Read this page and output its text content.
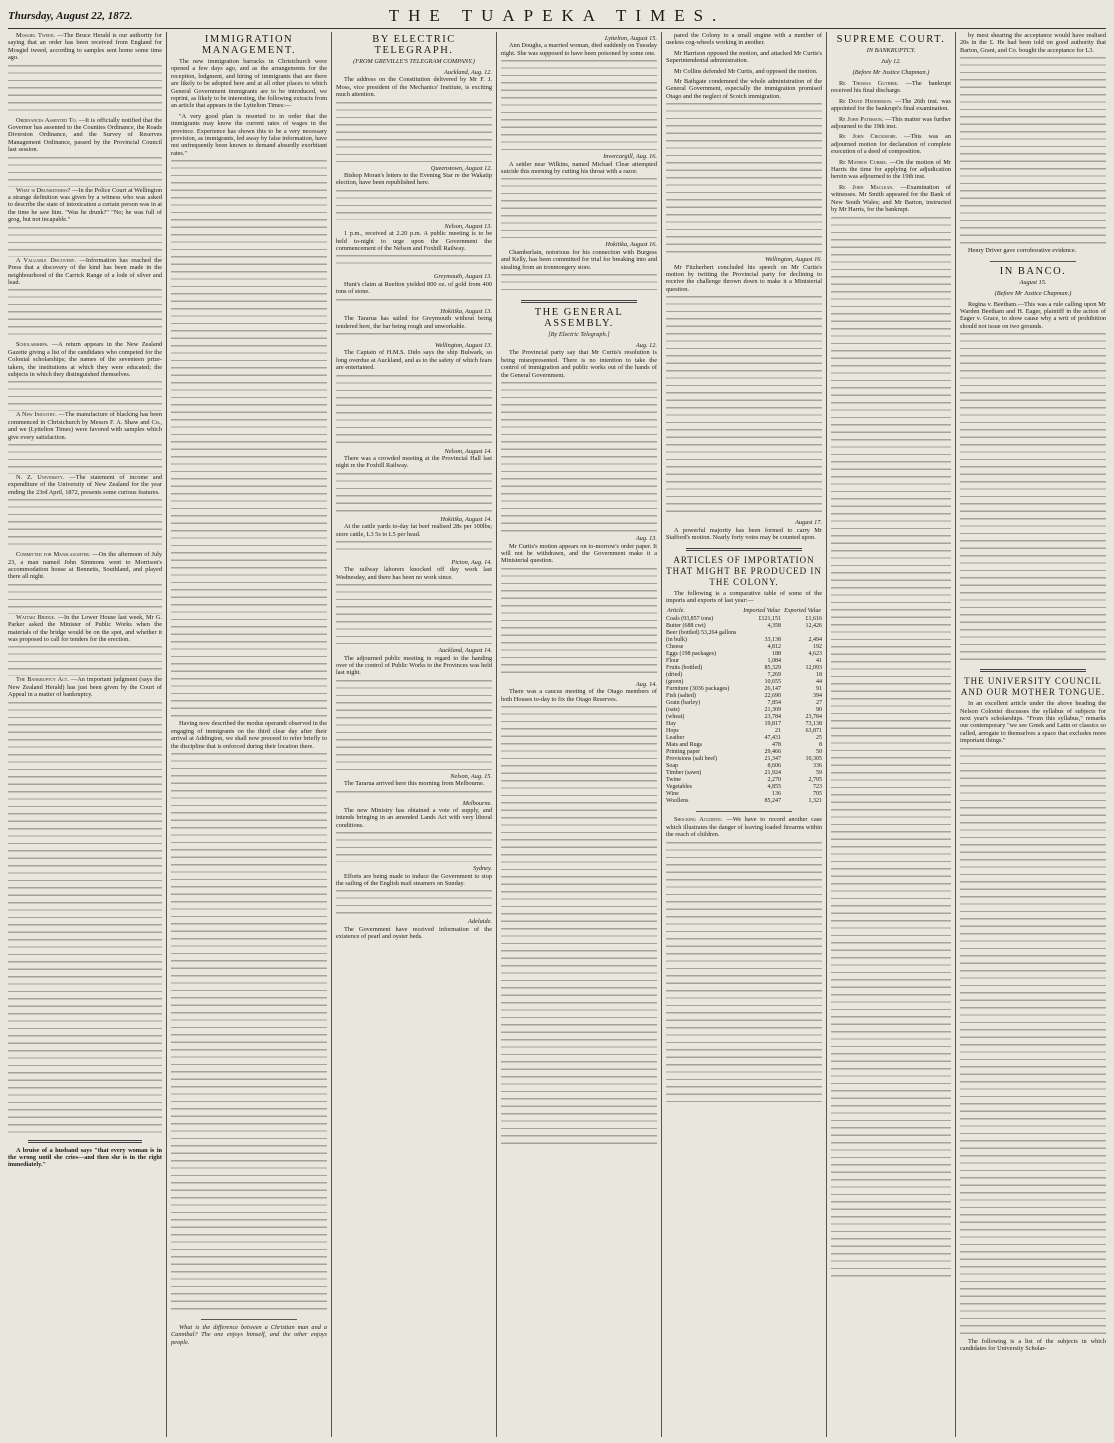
Thursday, August 22, 1872.	THE TUAPEKA TIMES.

Mosgiel Tweed. —The Bruce Herald is our authority for saying that an order has been received from England for Mosgiel tweed, according to samples sent home some time ago.

Ordinances Assented To. —It is officially notified that the Governor has assented to the Counties Ordinance, the Roads Diversion Ordinance, and the Survey of Reserves Management Ordinance, passed by the Provincial Council last session.

What is Drunkenness? —In the Police Court at Wellington a strange definition was given by a witness who was asked to describe the state of intoxication a certain person was in at the time he saw him. "Was he drunk?" "No; he was full of grog, but not incapable."

A Valuable Discovery. —Information has reached the Press that a discovery of the kind has been made in the neighbourhood of the Carrick Range of a lode of silver and lead.

Scholarships. —A return appears in the New Zealand Gazette giving a list of the candidates who competed for the Colonial scholarships; the names of the seventeen prize-takers, the institutions at which they were educated; the subjects in which they distinguished themselves.

A New Industry. —The manufacture of blacking has been commenced in Christchurch by Messrs F. A. Shaw and Co., and we (Lyttelton Times) were favored with samples which give every satisfaction.

N. Z. University. —The statement of income and expenditure of the University of New Zealand for the year ending the 23rd April, 1872, presents some curious features.

Committed for Manslaughter. —On the afternoon of July 23, a man named John Simmons went to Morrison's accommodation house at Bennetts, Southland, and played there all night.

Waitaki Bridge. —In the Lower House last week, Mr G. Parker asked the Minister of Public Works when the materials of the bridge would be on the spot, and whether it was proposed to call for tenders for the erection.

The Bankruptcy Act. —An important judgment (says the New Zealand Herald) has just been given by the Court of Appeal in a matter of bankruptcy.

A bruise of a husband says "that every woman is in the wrong until she cries—and then she is in the right immediately."

IMMIGRATION MANAGEMENT.

The new immigration barracks in Christchurch were opened a few days ago, and as the arrangements for the reception, lodgment, and hiring of immigrants that are there are likely to be adopted here and at all other places to which General Government immigrants are to be introduced, we reprint, as likely to be interesting, the following extracts from an article that appears in the Lyttelton Times:—

"A very good plan is resorted to in order that the immigrants may know the current rates of wages in the province. Experience has shown this to be a very necessary provision, as immigrants, led away by false information, have not unfrequently been known to demand absurdly exorbitant rates."

Having now described the modus operandi observed in the engaging of immigrants on the third clear day after their arrival at Addington, we shall now proceed to refer briefly to the discipline that is enforced during their location there.

What is the difference between a Christian man and a Cannibal? The one enjoys himself, and the other enjoys people.

BY ELECTRIC TELEGRAPH.
(FROM GREVILLE'S TELEGRAM COMPANY.)
Auckland, Aug. 12.

The address on the Constitution delivered by Mr F. J. Moss, vice president of the Mechanics' Institute, is exciting much attention.

Queenstown, August 12.

Bishop Moran's letters to the Evening Star re the Wakatip election, have been republished here.

Nelson, August 13.

1 p.m., received at 2.20 p.m. A public meeting is to be held to-night to urge upon the Government the commencement of the Nelson and Foxhill Railway.

Greymouth, August 13.

Hunt's claim at Reefton yielded 800 oz. of gold from 400 tons of stone.

Hokitika, August 13.

The Tararua has sailed for Greymouth without being tendered here, the bar being rough and unworkable.

Wellington, August 13.

The Captain of H.M.S. Dido says the ship Bulwark, so long overdue at Auckland, and as to the safety of which fears are entertained.

Nelson, August 14.

There was a crowded meeting at the Provincial Hall last night re the Foxhill Railway.

Hokitika, August 14.

At the cattle yards to-day fat beef realised 28s per 100lbs; store cattle, L3 5s to L5 per head.

Picton, Aug. 14.

The railway laborers knocked off day work last Wednesday, and there has been no work since.

Auckland, August 14.

The adjourned public meeting in regard to the handing over of the control of Public Works to the Provinces was held last night.

Nelson, Aug. 15.

The Tararua arrived here this morning from Melbourne.

Melbourne.

The new Ministry has obtained a vote of supply, and intends bringing in an amended Lands Act with very liberal conditions.

Sydney.

Efforts are being made to induce the Government to stop the sailing of the English mail steamers on Sunday.

Adelaide.

The Government have received information of the existence of pearl and oyster beds.

Lyttelton, August 15.

Ann Doughs, a married woman, died suddenly on Tuesday night. She was supposed to have been poisoned by some one.

Invercargill, Aug. 16.

A settler near Wilkins, named Michael Clear attempted suicide this morning by cutting his throat with a razor.

Hokitika, August 16.

Chamberlain, notorious for his connection with Burgess and Kelly, has been committed for trial for breaking into and stealing from an ironmongery store.

THE GENERAL ASSEMBLY.
[By Electric Telegraph.]
Aug. 12.

The Provincial party say that Mr Curtis's resolution is being misrepresented. There is no intention to take the control of immigration and public works out of the hands of the General Government.

Aug. 13.

Mr Curtis's motion appears on to-morrow's order paper. It will not be withdrawn, and the Government make it a Ministerial question.

Aug. 14.

There was a caucus meeting of the Otago members of both Houses to-day to fix the Otago Reserves.

pared the Colony to a small engine with a number of useless cog-wheels working in another.

Mr Harrison opposed the motion, and attacked Mr Curtis's Superintendental administration.

Mr Collins defended Mr Curtis, and opposed the motion.

Mr Bathgate condemned the whole administration of the General Government, especially the immigration promised Otago and the neglect of Scotch immigration.

Wellington, August 16.

Mr Fitzherbert concluded his speech on Mr Curtis's motion by twitting the Provincial party for declining to receive the challenge thrown down to make it a Ministerial question.

August 17.

A powerful majority has been formed to carry Mr Stafford's motion. Nearly forty votes may be counted upon.

ARTICLES OF IMPORTATION THAT MIGHT BE PRODUCED IN THE COLONY.

The following is a comparative table of some of the imports and exports of last year:—

Article.	Imported Value	Exported Value
Coals (93,857 tons)	£121,151	£1,616
Butter (688 cwt)	4,358	12,426
Beer (bottled) 53,264 gallons		
(in bulk)	33,138	2,494
Cheese	4,812	192
Eggs (198 packages)	188	4,623
Flour	1,084	41
Fruits (bottled)	85,329	12,093
(dried)	7,269	18
(green)	10,655	44
Furniture (3036 packages)	26,147	91
Fish (salted)	22,690	394
Grain (barley)	7,854	27
(oats)	21,309	90
(wheat)	23,784	23,784
Hay	19,817	73,138
Hops	21	63,871
Leather	47,431	25
Mats and Rugs	478	8
Printing paper	29,466	50
Provisions (salt beef)	21,347	10,305
Soap	8,606	336
Timber (sawn)	21,924	59
Twine	2,270	2,705
Vegetables	4,855	723
Wine	136	705
Woollens	85,247	1,321

Shocking Accident. —We have to record another case which illustrates the danger of leaving loaded firearms within the reach of children.

SUPREME COURT.
IN BANKRUPTCY.
July 12.
(Before Mr Justice Chapman.)

Re Thomas Guthrie. —The bankrupt received his final discharge.

Re David Henderson. —The 26th inst. was appointed for the bankrupt's final examination.

Re John Paterson. —This matter was further adjourned to the 19th inst.

Re John Crickmore. —This was an adjourned motion for declaration of complete execution of a deed of composition.

Re Mathew Currie. —On the motion of Mr Harris the time for applying for adjudication herein was adjourned to the 19th inst.

Re John Maclean. —Examination of witnesses. Mr Smith appeared for the Bank of New South Wales; and Mr Barton, instructed by Mr Harris, for the bankrupt.

by mest shearing the acceptance would have realised 20s in the £. He had been told on good authority that Barton, Grant, and Co. bought the acceptance for L3.

Henry Driver gave corroborative evidence.

IN BANCO.
August 15.
(Before Mr Justice Chapman.)

Regina v. Beetham.—This was a rule calling upon Mr Warden Beetham and H. Eager, plaintiff in the action of Eager v. Grace, to show cause why a writ of prohibition should not issue on two grounds.

THE UNIVERSITY COUNCIL AND OUR MOTHER TONGUE.

In an excellent article under the above heading the Nelson Colonist discusses the syllabus of subjects for next year's scholarships. "From this syllabus," remarks our contemporary "we see Greek and Latin or classics so called, arrogate to themselves a space that excludes more important things."

The following is a list of the subjects in which candidates for University Scholar-
